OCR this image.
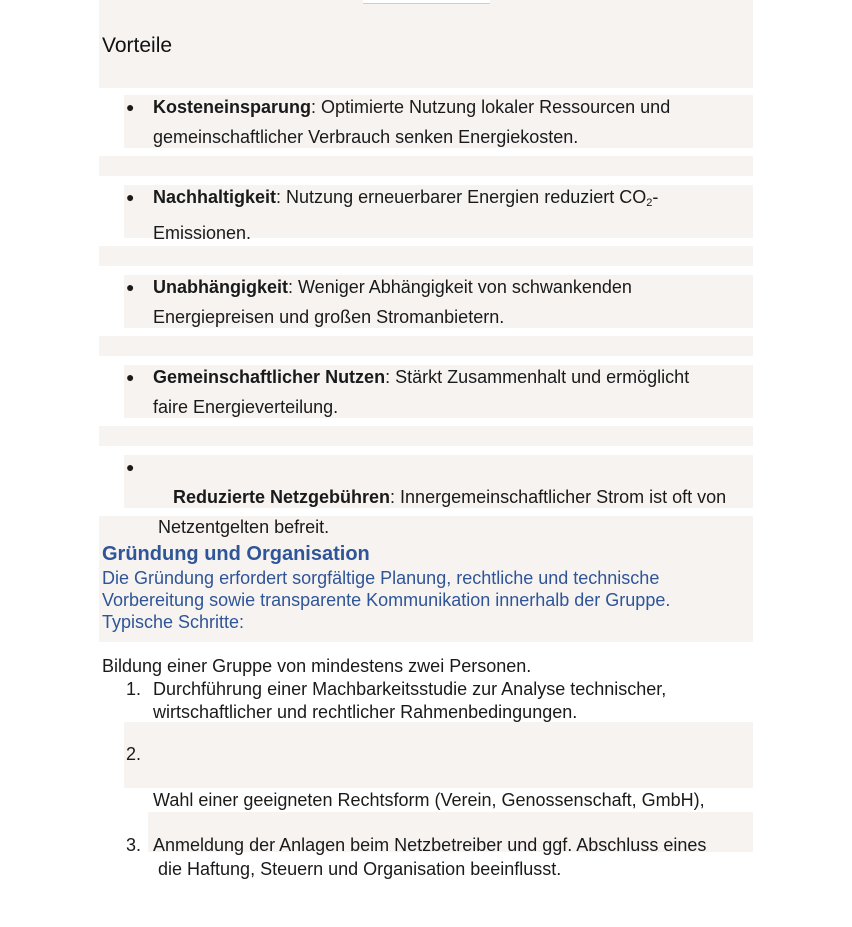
Vorteile
● Kosteneinsparung: Optimierte Nutzung lokaler Ressourcen und
gemeinschaftlicher Verbrauch senken Energiekosten.
● Nachhaltigkeit: Nutzung erneuerbarer Energien reduziert $CO_2-$
Emissionen.
● Unabhängigkeit: Weniger Abhängigkeit von schwankenden
Energiepreisen und großen Stromanbietern.
● Gemeinschaftlicher Nutzen: Stärkt Zusammenhalt und ermöglicht
faire Energieverteilung.
●

Reduzierte Netzgebühren: Innergemeinschaftlicher Strom ist oft von
Netzentgelten befreit.

Gründung und Organisation
Die Gründung erfordert sorgfältige Planung, rechtliche und technische
Vorbereitung sowie transparente Kommunikation innerhalb der Gruppe.
Typische Schritte:
Bildung einer Gruppe von mindestens zwei Personen.
1. Durchführung einer Machbarkeitsstudie zur Analyse technischer,
wirtschaftlicher und rechtlicher Rahmenbedingungen.
2.

Wahl einer geeigneten Rechtsform (Verein, Genossenschaft, GmbH),

die Haftung, Steuern und Organisation beeinflusst.

3. Anmeldung der Anlagen beim Netzbetreiber und ggf. Abschluss eines
